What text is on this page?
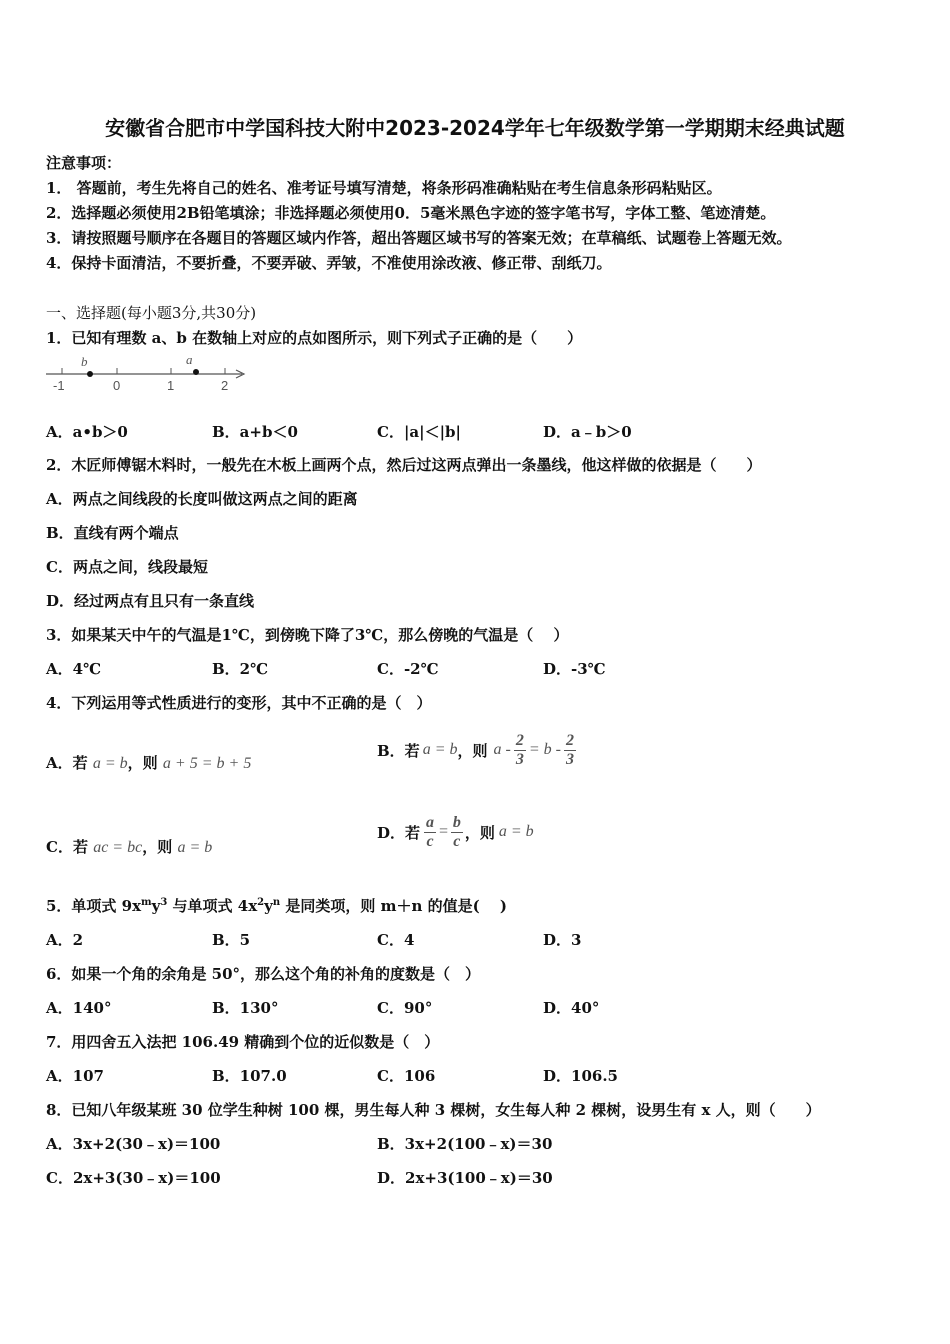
安徽省合肥市中学国科技大附中2023-2024学年七年级数学第一学期期末经典试题
注意事项：
1． 答题前，考生先将自己的姓名、准考证号填写清楚，将条形码准确粘贴在考生信息条形码粘贴区。
2．选择题必须使用2B铅笔填涂；非选择题必须使用0．5毫米黑色字迹的签字笔书写，字体工整、笔迹清楚。
3．请按照题号顺序在各题目的答题区域内作答，超出答题区域书写的答案无效；在草稿纸、试题卷上答题无效。
4．保持卡面清洁，不要折叠，不要弄破、弄皱，不准使用涂改液、修正带、刮纸刀。
一、选择题(每小题3分,共30分)
1．已知有理数 a、b 在数轴上对应的点如图所示，则下列式子正确的是（　　）
b	a
-1	0	1	2
A．a•b＞0	B．a+b＜0	C．|a|＜|b|	D．a﹣b＞0
2．木匠师傅锯木料时，一般先在木板上画两个点，然后过这两点弹出一条墨线，他这样做的依据是（　　）
A．两点之间线段的长度叫做这两点之间的距离
B．直线有两个端点
C．两点之间，线段最短
D．经过两点有且只有一条直线
3．如果某天中午的气温是1℃，到傍晚下降了3℃，那么傍晚的气温是（　 ）
A．4℃	B．2℃	C．-2℃	D．-3℃
4．下列运用等式性质进行的变形，其中不正确的是（　）
A．若 a = b，则 a + 5 = b + 5
B．若 a = b ，则 $a - \frac{2}{3} = b - \frac{2}{3}$
C．若 ac = bc，则 a = b
D．若 $\frac{a}{c} = \frac{b}{c}$ ，则 a = b
5．单项式 $9x^my^3$ 与单项式 $4x^2y^n$ 是同类项，则 m＋n 的值是(　 )
A．2	B．5	C．4	D．3
6．如果一个角的余角是 50°，那么这个角的补角的度数是（　）
A．140°	B．130°	C．90°	D．40°
7．用四舍五入法把 106.49 精确到个位的近似数是（　）
A．107	B．107.0	C．106	D．106.5
8．已知八年级某班 30 位学生种树 100 棵，男生每人种 3 棵树，女生每人种 2 棵树，设男生有 x 人，则（　　）
A．3x+2(30﹣x)＝100	B．3x+2(100﹣x)＝30
C．2x+3(30﹣x)＝100	D．2x+3(100﹣x)＝30
